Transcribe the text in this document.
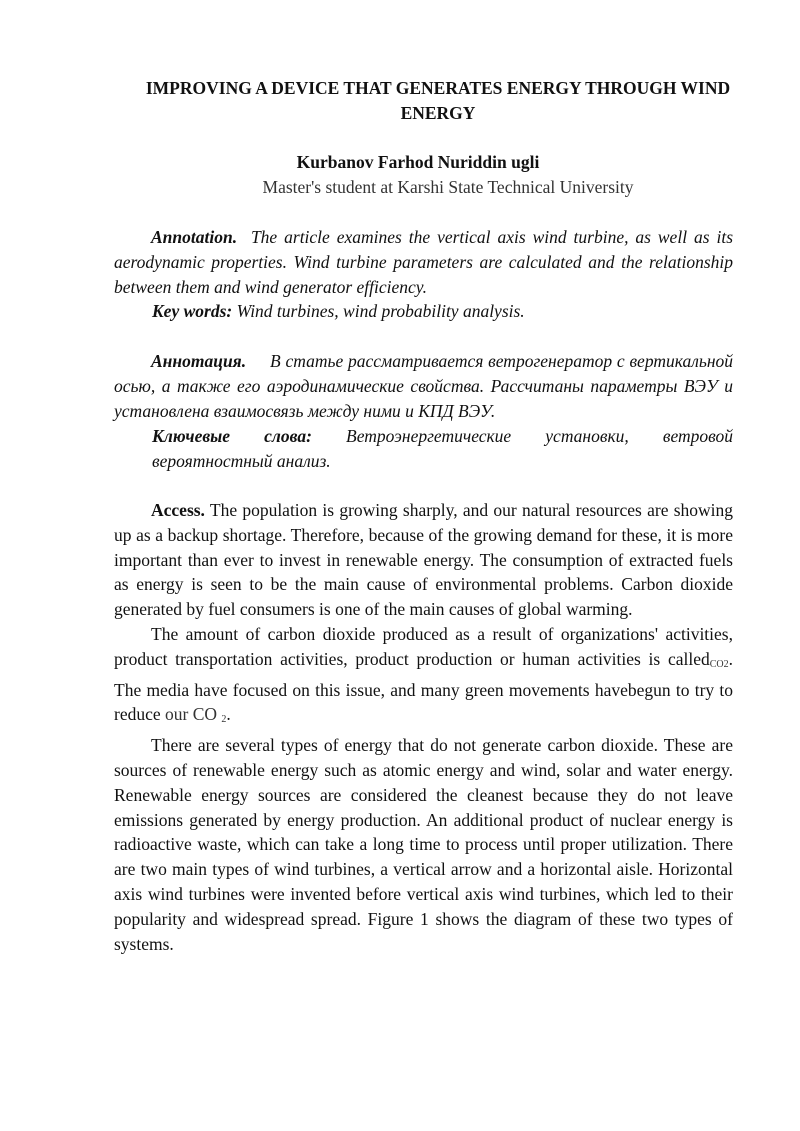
IMPROVING A DEVICE THAT GENERATES ENERGY THROUGH WIND ENERGY
Kurbanov Farhod Nuriddin ugli
Master's student at Karshi State Technical University

Annotation. The article examines the vertical axis wind turbine, as well as its aerodynamic properties. Wind turbine parameters are calculated and the relationship between them and wind generator efficiency.

Key words: Wind turbines, wind probability analysis.

Аннотация. В статье рассматривается ветрогенератор с вертикальной осью, а также его аэродинамические свойства. Рассчитаны параметры ВЭУ и установлена взаимосвязь между ними и КПД ВЭУ.

Ключевые слова: Ветроэнергетические установки, ветровой
вероятностный анализ.

Access. The population is growing sharply, and our natural resources are showing up as a backup shortage. Therefore, because of the growing demand for these, it is more important than ever to invest in renewable energy. The consumption of extracted fuels as energy is seen to be the main cause of environmental problems. Carbon dioxide generated by fuel consumers is one of the main causes of global warming.

The amount of carbon dioxide produced as a result of organizations' activities, product transportation activities, product production or human activities is called$_{CO2}$. The media have focused on this issue, and many green movements havebegun to try to reduce our CO $_2$.

There are several types of energy that do not generate carbon dioxide. These are sources of renewable energy such as atomic energy and wind, solar and water energy. Renewable energy sources are considered the cleanest because they do not leave emissions generated by energy production. An additional product of nuclear energy is radioactive waste, which can take a long time to process until proper utilization. There are two main types of wind turbines, a vertical arrow and a horizontal aisle. Horizontal axis wind turbines were invented before vertical axis wind turbines, which led to their popularity and widespread spread. Figure 1 shows the diagram of these two types of systems.
